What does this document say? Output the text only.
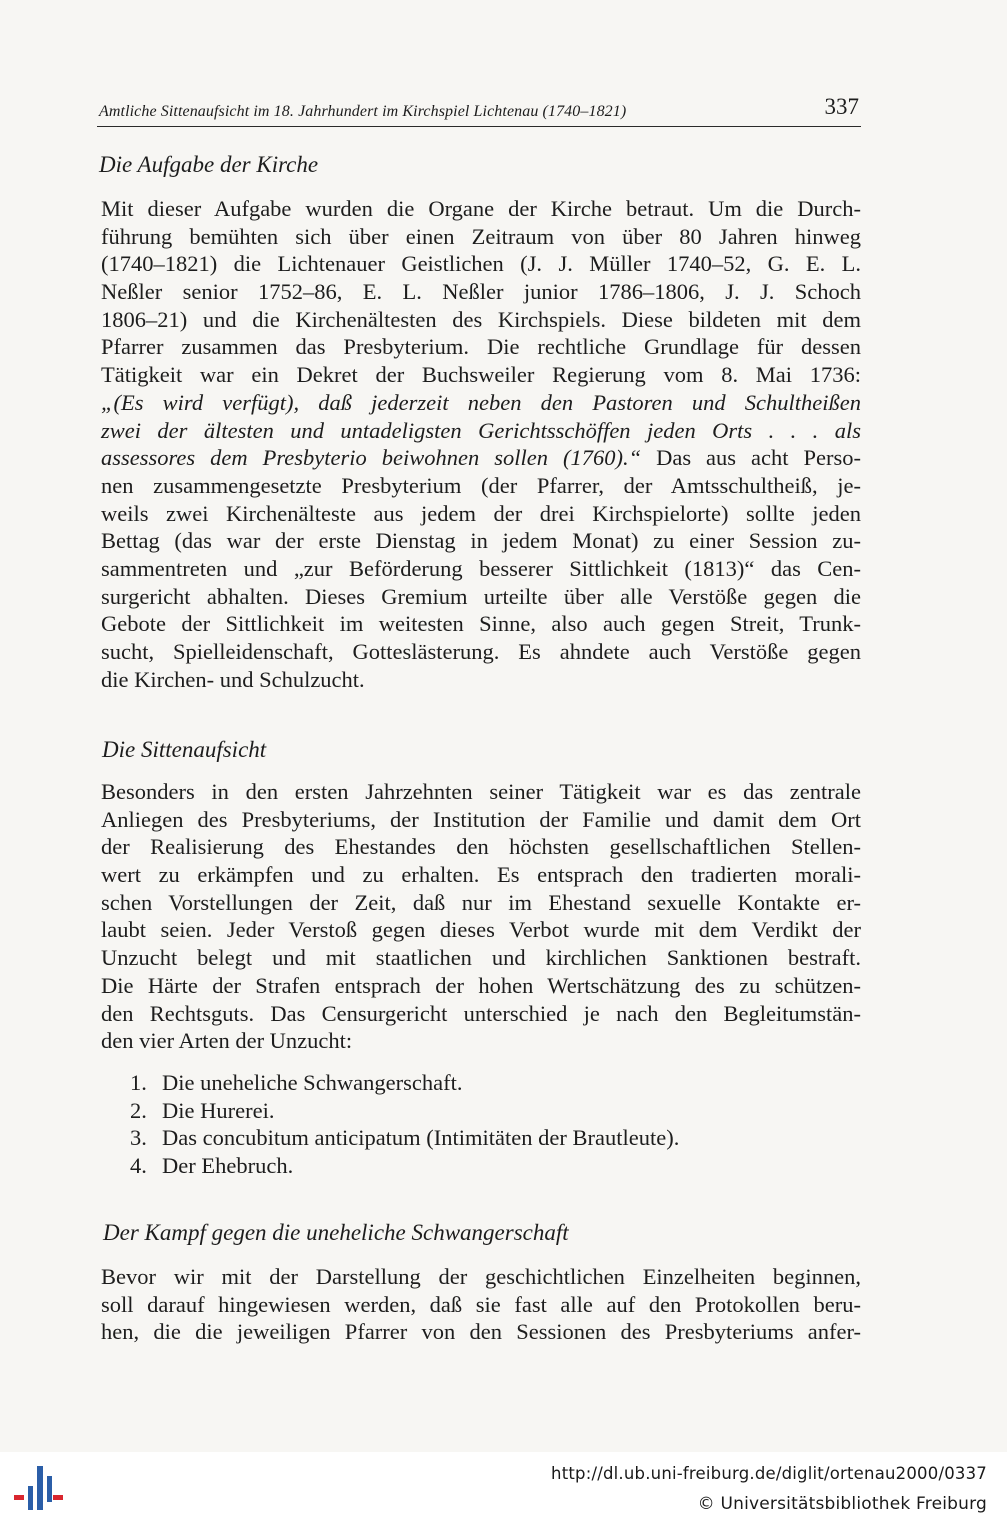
Amtliche Sittenaufsicht im 18. Jahrhundert im Kirchspiel Lichtenau (1740–1821)	337
Die Aufgabe der Kirche
Mit dieser Aufgabe wurden die Organe der Kirche betraut. Um die Durch-
führung bemühten sich über einen Zeitraum von über 80 Jahren hinweg
(1740–1821) die Lichtenauer Geistlichen (J. J. Müller 1740–52, G. E. L.
Neßler senior 1752–86, E. L. Neßler junior 1786–1806, J. J. Schoch
1806–21) und die Kirchenältesten des Kirchspiels. Diese bildeten mit dem
Pfarrer zusammen das Presbyterium. Die rechtliche Grundlage für dessen
Tätigkeit war ein Dekret der Buchsweiler Regierung vom 8. Mai 1736:
„(Es wird verfügt), daß jederzeit neben den Pastoren und Schultheißen
zwei der ältesten und untadeligsten Gerichtsschöffen jeden Orts . . . als
assessores dem Presbyterio beiwohnen sollen (1760).“ Das aus acht Perso-
nen zusammengesetzte Presbyterium (der Pfarrer, der Amtsschultheiß, je-
weils zwei Kirchenälteste aus jedem der drei Kirchspielorte) sollte jeden
Bettag (das war der erste Dienstag in jedem Monat) zu einer Session zu-
sammentreten und „zur Beförderung besserer Sittlichkeit (1813)“ das Cen-
surgericht abhalten. Dieses Gremium urteilte über alle Verstöße gegen die
Gebote der Sittlichkeit im weitesten Sinne, also auch gegen Streit, Trunk-
sucht, Spielleidenschaft, Gotteslästerung. Es ahndete auch Verstöße gegen
die Kirchen- und Schulzucht.
Die Sittenaufsicht
Besonders in den ersten Jahrzehnten seiner Tätigkeit war es das zentrale
Anliegen des Presbyteriums, der Institution der Familie und damit dem Ort
der Realisierung des Ehestandes den höchsten gesellschaftlichen Stellen-
wert zu erkämpfen und zu erhalten. Es entsprach den tradierten morali-
schen Vorstellungen der Zeit, daß nur im Ehestand sexuelle Kontakte er-
laubt seien. Jeder Verstoß gegen dieses Verbot wurde mit dem Verdikt der
Unzucht belegt und mit staatlichen und kirchlichen Sanktionen bestraft.
Die Härte der Strafen entsprach der hohen Wertschätzung des zu schützen-
den Rechtsguts. Das Censurgericht unterschied je nach den Begleitumstän-
den vier Arten der Unzucht:
1. Die uneheliche Schwangerschaft.
2. Die Hurerei.
3. Das concubitum anticipatum (Intimitäten der Brautleute).
4. Der Ehebruch.
Der Kampf gegen die uneheliche Schwangerschaft
Bevor wir mit der Darstellung der geschichtlichen Einzelheiten beginnen,
soll darauf hingewiesen werden, daß sie fast alle auf den Protokollen beru-
hen, die die jeweiligen Pfarrer von den Sessionen des Presbyteriums anfer-
http://dl.ub.uni-freiburg.de/diglit/ortenau2000/0337
© Universitätsbibliothek Freiburg
